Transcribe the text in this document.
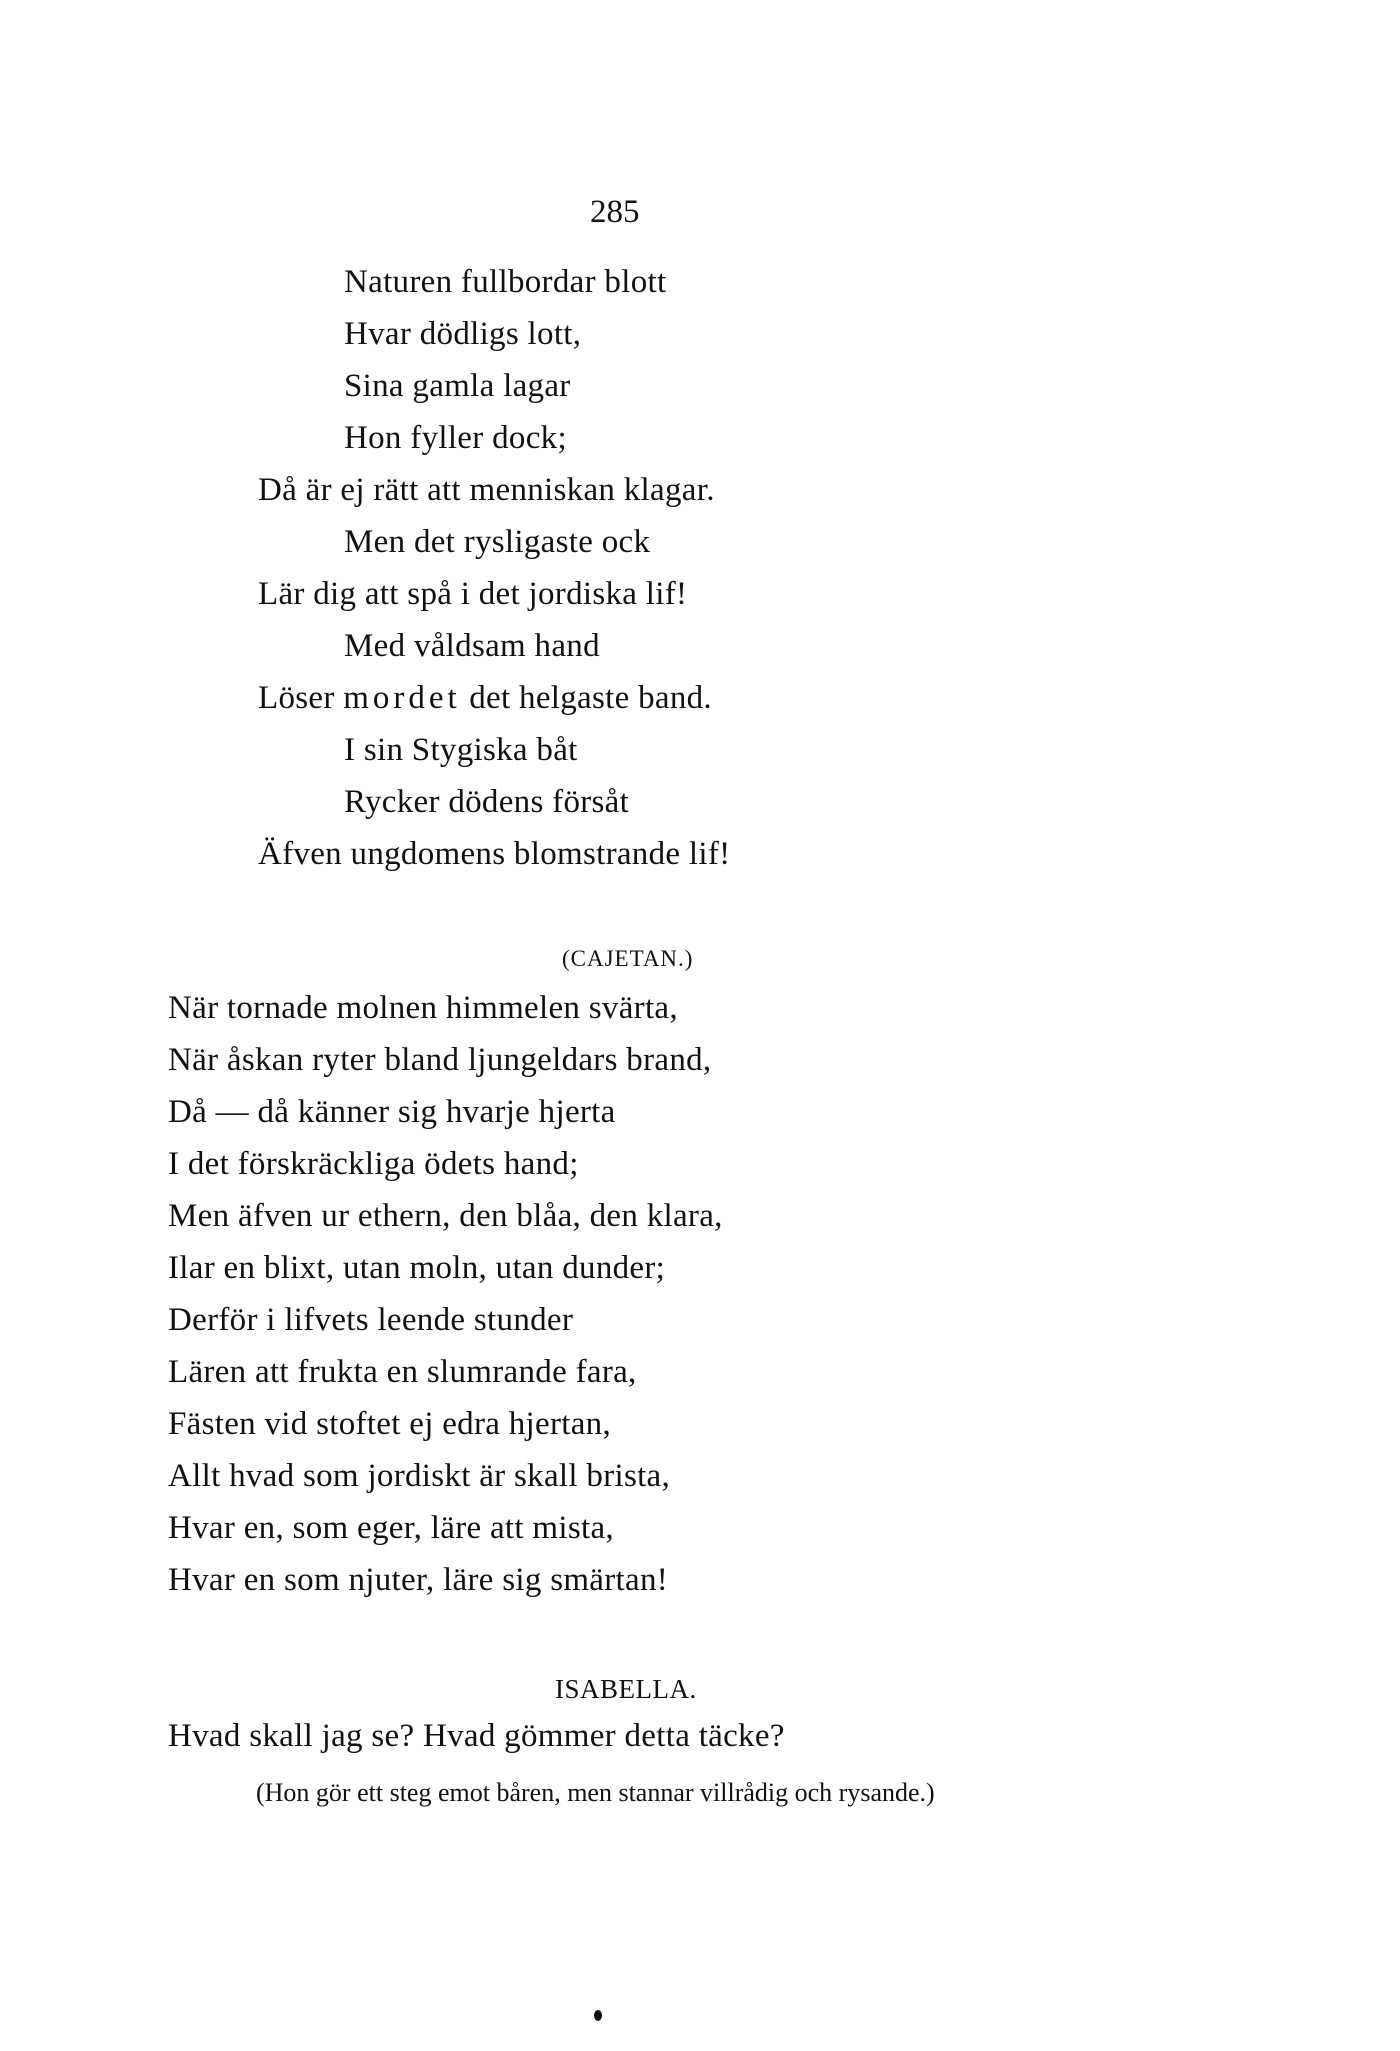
285
Naturen fullbordar blott
Hvar dödligs lott,
Sina gamla lagar
Hon fyller dock;
Då är ej rätt att menniskan klagar.
Men det rysligaste ock
Lär dig att spå i det jordiska lif!
Med våldsam hand
Löser mordet det helgaste band.
I sin Stygiska båt
Rycker dödens försåt
Äfven ungdomens blomstrande lif!
(CAJETAN.)
När tornade molnen himmelen svärta,
När åskan ryter bland ljungeldars brand,
Då — då känner sig hvarje hjerta
I det förskräckliga ödets hand;
Men äfven ur ethern, den blåa, den klara,
Ilar en blixt, utan moln, utan dunder;
Derför i lifvets leende stunder
Lären att frukta en slumrande fara,
Fästen vid stoftet ej edra hjertan,
Allt hvad som jordiskt är skall brista,
Hvar en, som eger, läre att mista,
Hvar en som njuter, läre sig smärtan!
ISABELLA.
Hvad skall jag se? Hvad gömmer detta täcke?
(Hon gör ett steg emot båren, men stannar villrådig och rysande.)
